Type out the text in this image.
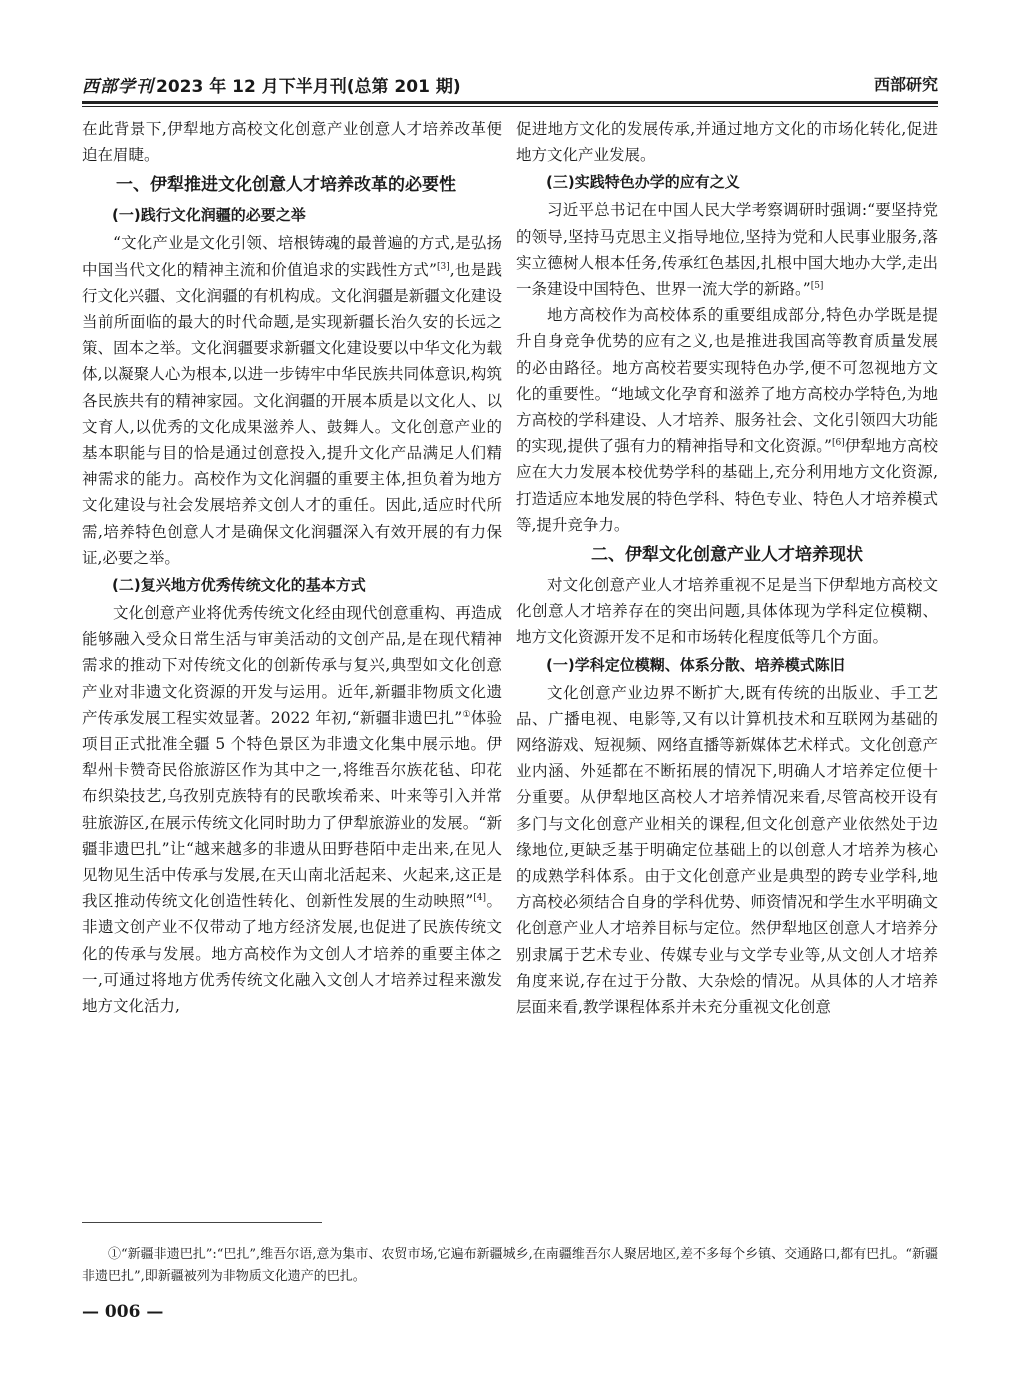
西部学刊 2023 年 12 月下半月刊(总第 201 期)	西部研究

在此背景下,伊犁地方高校文化创意产业创意人才培养改革便迫在眉睫。

一、伊犁推进文化创意人才培养改革的必要性
(一)践行文化润疆的必要之举

“文化产业是文化引领、培根铸魂的最普遍的方式,是弘扬中国当代文化的精神主流和价值追求的实践性方式”[3],也是践行文化兴疆、文化润疆的有机构成。文化润疆是新疆文化建设当前所面临的最大的时代命题,是实现新疆长治久安的长远之策、固本之举。文化润疆要求新疆文化建设要以中华文化为载体,以凝聚人心为根本,以进一步铸牢中华民族共同体意识,构筑各民族共有的精神家园。文化润疆的开展本质是以文化人、以文育人,以优秀的文化成果滋养人、鼓舞人。文化创意产业的基本职能与目的恰是通过创意投入,提升文化产品满足人们精神需求的能力。高校作为文化润疆的重要主体,担负着为地方文化建设与社会发展培养文创人才的重任。因此,适应时代所需,培养特色创意人才是确保文化润疆深入有效开展的有力保证,必要之举。

(二)复兴地方优秀传统文化的基本方式

文化创意产业将优秀传统文化经由现代创意重构、再造成能够融入受众日常生活与审美活动的文创产品,是在现代精神需求的推动下对传统文化的创新传承与复兴,典型如文化创意产业对非遗文化资源的开发与运用。近年,新疆非物质文化遗产传承发展工程实效显著。2022 年初,“新疆非遗巴扎”①体验项目正式批准全疆 5 个特色景区为非遗文化集中展示地。伊犁州卡赞奇民俗旅游区作为其中之一,将维吾尔族花毡、印花布织染技艺,乌孜别克族特有的民歌埃希来、叶来等引入并常驻旅游区,在展示传统文化同时助力了伊犁旅游业的发展。“新疆非遗巴扎”让“越来越多的非遗从田野巷陌中走出来,在见人见物见生活中传承与发展,在天山南北活起来、火起来,这正是我区推动传统文化创造性转化、创新性发展的生动映照”[4]。非遗文创产业不仅带动了地方经济发展,也促进了民族传统文化的传承与发展。地方高校作为文创人才培养的重要主体之一,可通过将地方优秀传统文化融入文创人才培养过程来激发地方文化活力,

促进地方文化的发展传承,并通过地方文化的市场化转化,促进地方文化产业发展。

(三)实践特色办学的应有之义

习近平总书记在中国人民大学考察调研时强调:“要坚持党的领导,坚持马克思主义指导地位,坚持为党和人民事业服务,落实立德树人根本任务,传承红色基因,扎根中国大地办大学,走出一条建设中国特色、世界一流大学的新路。”[5]

地方高校作为高校体系的重要组成部分,特色办学既是提升自身竞争优势的应有之义,也是推进我国高等教育质量发展的必由路径。地方高校若要实现特色办学,便不可忽视地方文化的重要性。“地域文化孕育和滋养了地方高校办学特色,为地方高校的学科建设、人才培养、服务社会、文化引领四大功能的实现,提供了强有力的精神指导和文化资源。”[6]伊犁地方高校应在大力发展本校优势学科的基础上,充分利用地方文化资源,打造适应本地发展的特色学科、特色专业、特色人才培养模式等,提升竞争力。

二、伊犁文化创意产业人才培养现状

对文化创意产业人才培养重视不足是当下伊犁地方高校文化创意人才培养存在的突出问题,具体体现为学科定位模糊、地方文化资源开发不足和市场转化程度低等几个方面。

(一)学科定位模糊、体系分散、培养模式陈旧

文化创意产业边界不断扩大,既有传统的出版业、手工艺品、广播电视、电影等,又有以计算机技术和互联网为基础的网络游戏、短视频、网络直播等新媒体艺术样式。文化创意产业内涵、外延都在不断拓展的情况下,明确人才培养定位便十分重要。从伊犁地区高校人才培养情况来看,尽管高校开设有多门与文化创意产业相关的课程,但文化创意产业依然处于边缘地位,更缺乏基于明确定位基础上的以创意人才培养为核心的成熟学科体系。由于文化创意产业是典型的跨专业学科,地方高校必须结合自身的学科优势、师资情况和学生水平明确文化创意产业人才培养目标与定位。然伊犁地区创意人才培养分别隶属于艺术专业、传媒专业与文学专业等,从文创人才培养角度来说,存在过于分散、大杂烩的情况。从具体的人才培养层面来看,教学课程体系并未充分重视文化创意

①“新疆非遗巴扎”:“巴扎”,维吾尔语,意为集市、农贸市场,它遍布新疆城乡,在南疆维吾尔人聚居地区,差不多每个乡镇、交通路口,都有巴扎。“新疆非遗巴扎”,即新疆被列为非物质文化遗产的巴扎。
— 006 —
